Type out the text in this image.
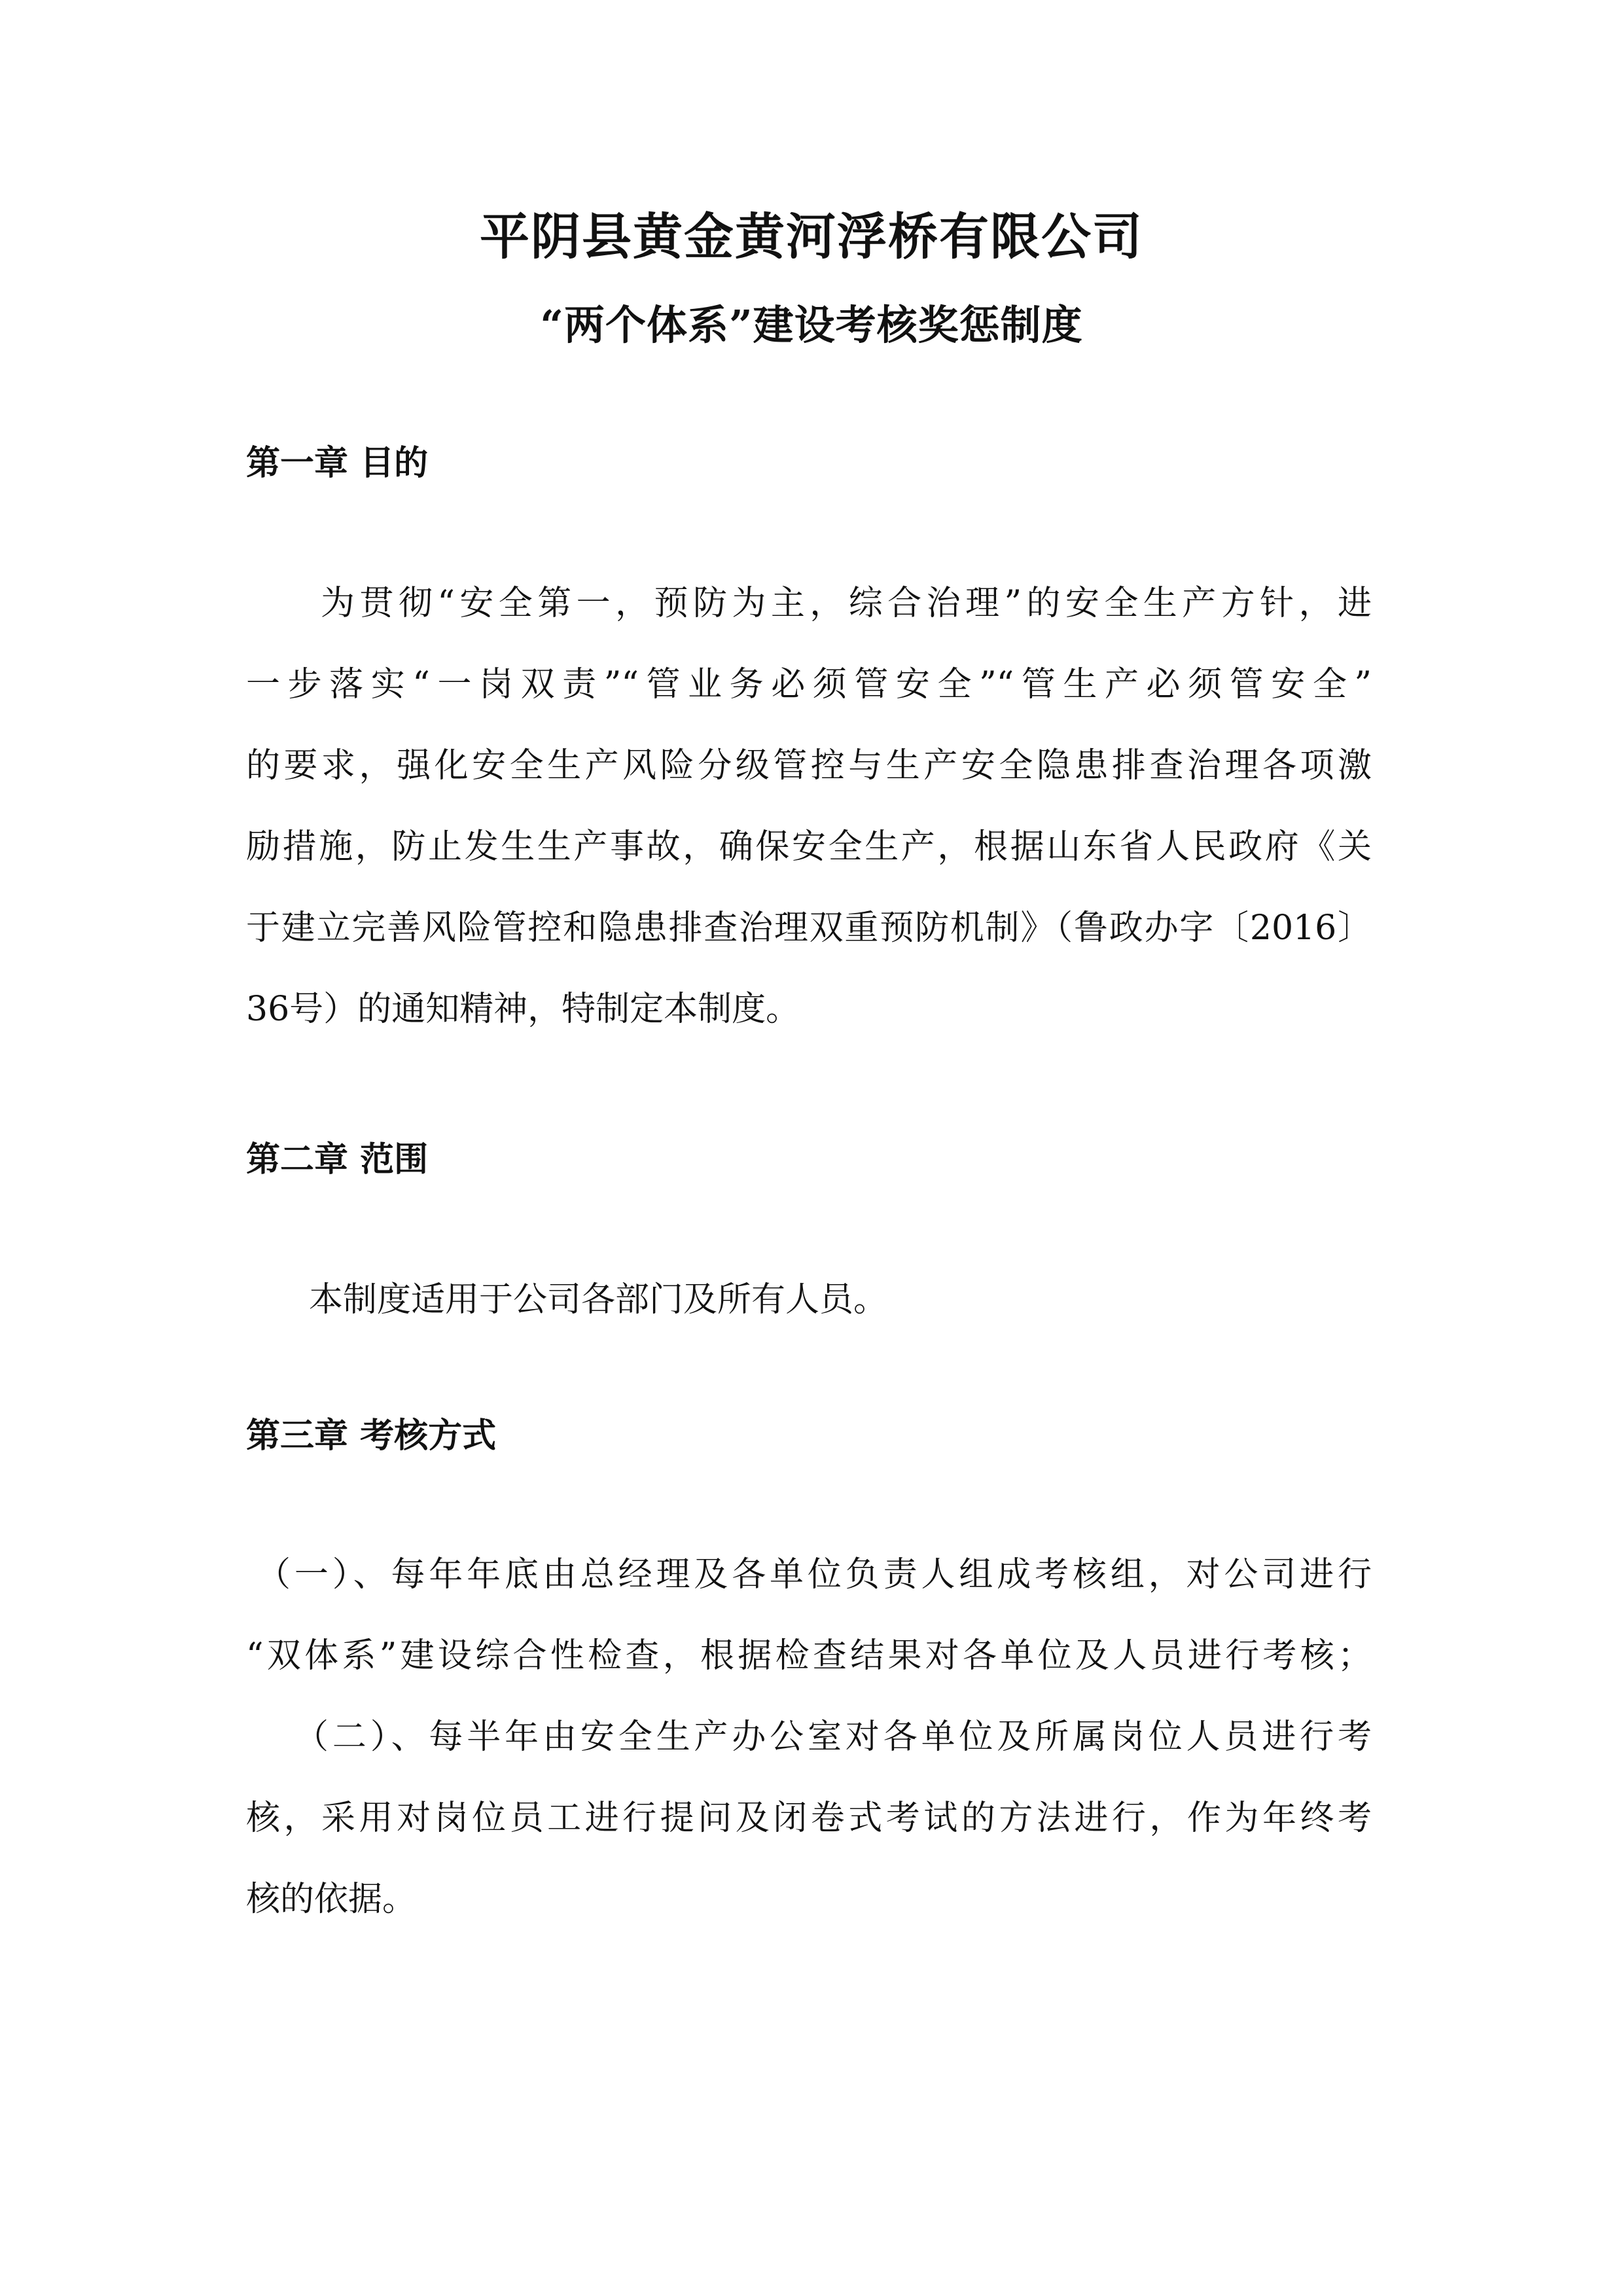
平阴县黄金黄河浮桥有限公司
“两个体系”建设考核奖惩制度
第一章 目的
为贯彻“安全第一，预防为主，综合治理”的安全生产方针，进
一步落实“一岗双责”“管业务必须管安全”“管生产必须管安全”
的要求，强化安全生产风险分级管控与生产安全隐患排查治理各项激
励措施，防止发生生产事故，确保安全生产，根据山东省人民政府《关
于建立完善风险管控和隐患排查治理双重预防机制》（鲁政办字〔2016〕
36号）的通知精神，特制定本制度。
第二章 范围
本制度适用于公司各部门及所有人员。
第三章 考核方式
（一）、每年年底由总经理及各单位负责人组成考核组，对公司进行
“双体系”建设综合性检查，根据检查结果对各单位及人员进行考核；
（二）、每半年由安全生产办公室对各单位及所属岗位人员进行考
核，采用对岗位员工进行提问及闭卷式考试的方法进行，作为年终考
核的依据。
